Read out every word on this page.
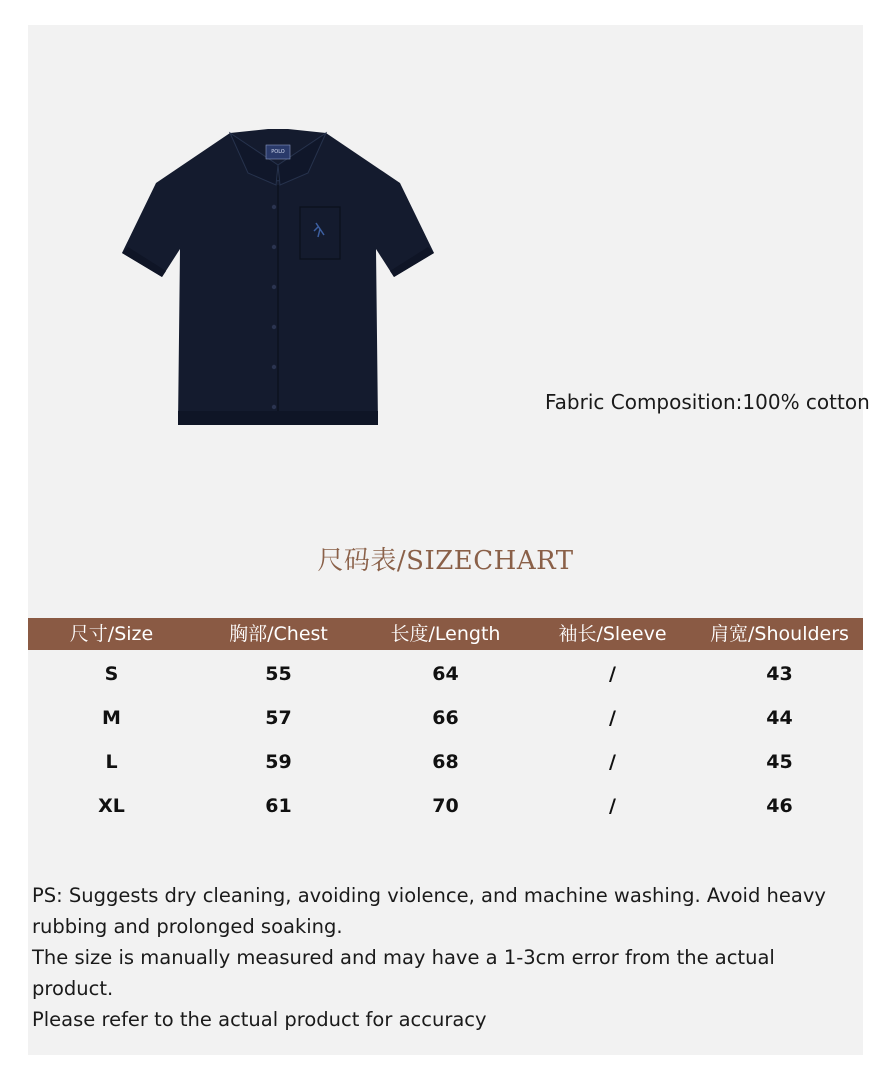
POLO
Fabric Composition:100% cotton
尺码表/SIZECHART
尺寸/Size	胸部/Chest	长度/Length	袖长/Sleeve	肩宽/Shoulders
S	55	64	/	43
M	57	66	/	44
L	59	68	/	45
XL	61	70	/	46

PS: Suggests dry cleaning, avoiding violence, and machine washing. Avoid heavy rubbing and prolonged soaking.

The size is manually measured and may have a 1-3cm error from the actual product.

Please refer to the actual product for accuracy
